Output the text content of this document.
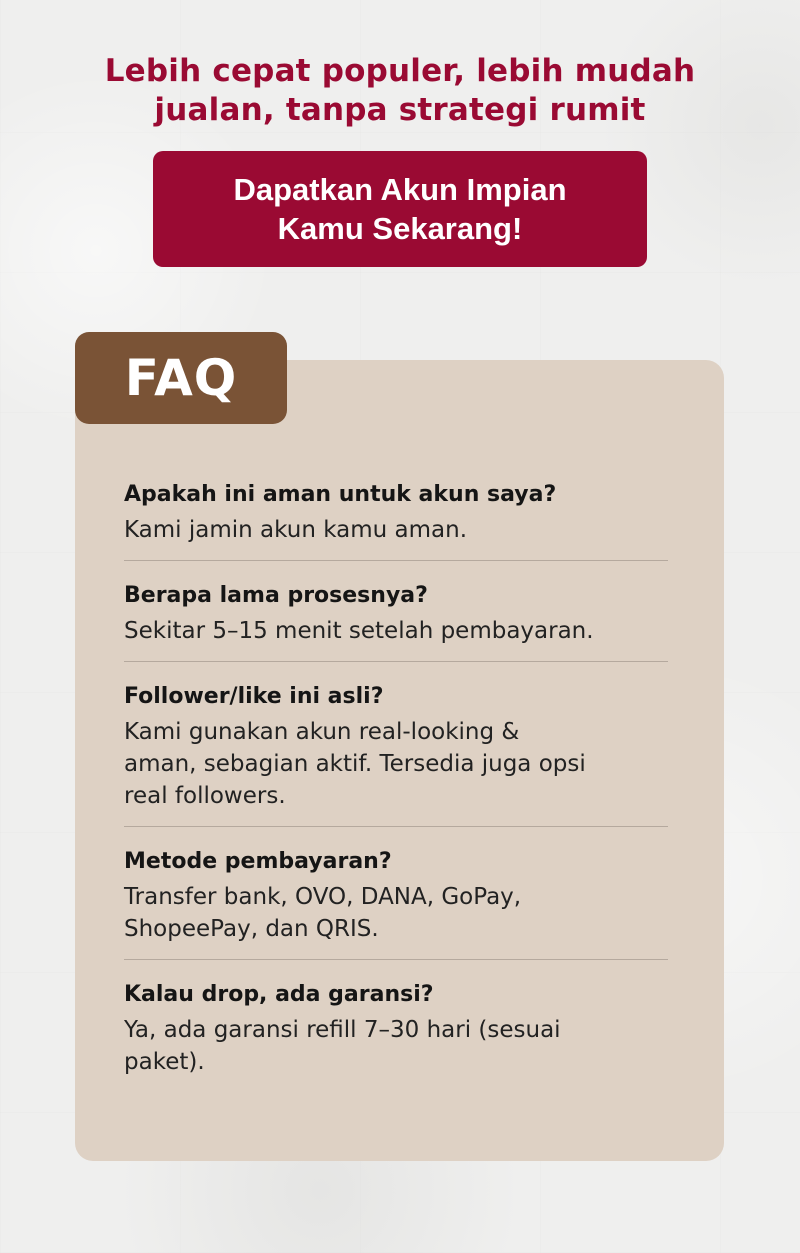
Lebih cepat populer, lebih mudah
jualan, tanpa strategi rumit
Dapatkan Akun Impian
Kamu Sekarang!
FAQ

Apakah ini aman untuk akun saya?

Kami jamin akun kamu aman.

Berapa lama prosesnya?

Sekitar 5–15 menit setelah pembayaran.

Follower/like ini asli?

Kami gunakan akun real-looking &
aman, sebagian aktif. Tersedia juga opsi
real followers.

Metode pembayaran?

Transfer bank, OVO, DANA, GoPay,
ShopeePay, dan QRIS.

Kalau drop, ada garansi?

Ya, ada garansi refill 7–30 hari (sesuai
paket).
